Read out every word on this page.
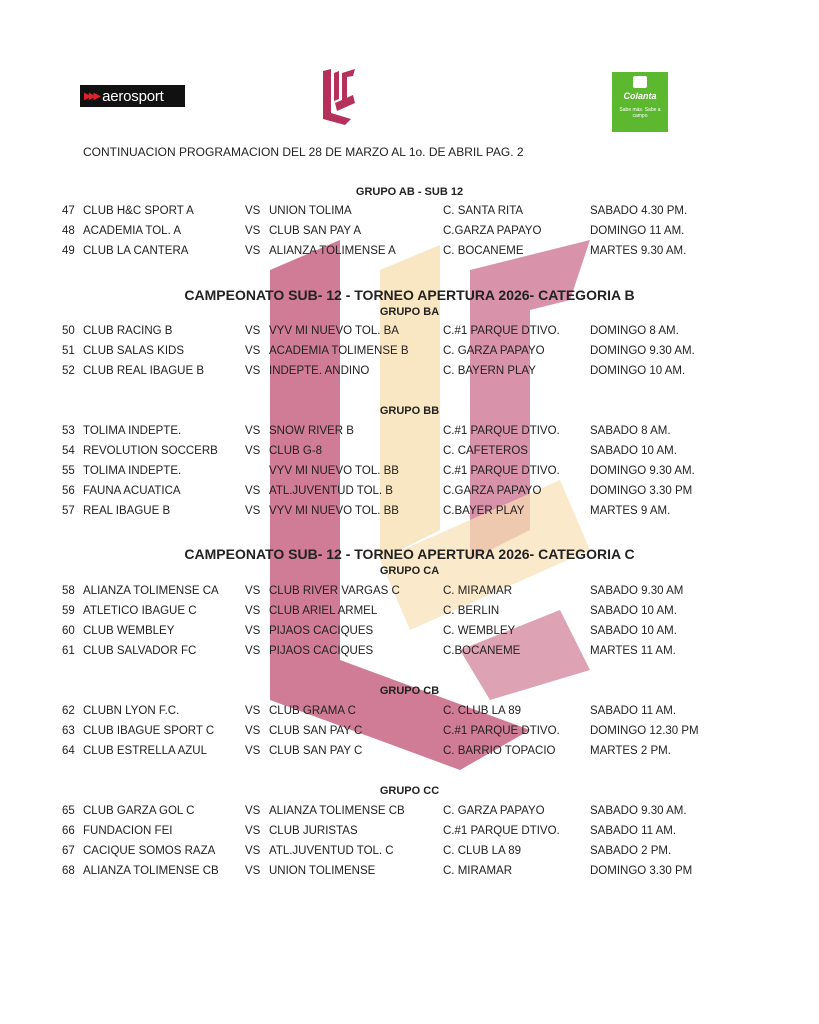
▶▶▶ aerosport	Colanta
Sabe más. Sabe a campo
CONTINUACION PROGRAMACION DEL 28 DE MARZO AL 1o. DE ABRIL PAG. 2
GRUPO AB - SUB 12
47 CLUB H&C SPORT A	VS UNION TOLIMA	C. SANTA RITA	SABADO 4.30 PM.
48 ACADEMIA TOL. A	VS CLUB SAN PAY A	C.GARZA PAPAYO	DOMINGO 11 AM.
49 CLUB LA CANTERA	VS ALIANZA TOLIMENSE A	C. BOCANEME	MARTES 9.30 AM.
CAMPEONATO SUB- 12 - TORNEO APERTURA 2026- CATEGORIA B
GRUPO BA
50 CLUB RACING B	VS VYV MI NUEVO TOL. BA	C.#1 PARQUE DTIVO.	DOMINGO 8 AM.
51 CLUB SALAS KIDS	VS ACADEMIA TOLIMENSE B	C. GARZA PAPAYO	DOMINGO 9.30 AM.
52 CLUB REAL IBAGUE B	VS INDEPTE. ANDINO	C. BAYERN PLAY	DOMINGO 10 AM.
GRUPO BB
53 TOLIMA INDEPTE.	VS SNOW RIVER B	C.#1 PARQUE DTIVO.	SABADO 8 AM.
54 REVOLUTION SOCCERB VS CLUB G-8	C. CAFETEROS	SABADO 10 AM.
55 TOLIMA INDEPTE.	VYV MI NUEVO TOL. BB	C.#1 PARQUE DTIVO.	DOMINGO 9.30 AM.
56 FAUNA ACUATICA	VS ATL.JUVENTUD TOL. B	C.GARZA PAPAYO	DOMINGO 3.30 PM
57 REAL IBAGUE B	VS VYV MI NUEVO TOL. BB	C.BAYER PLAY	MARTES 9 AM.
CAMPEONATO SUB- 12 - TORNEO APERTURA 2026- CATEGORIA C
GRUPO CA
58 ALIANZA TOLIMENSE CA VS CLUB RIVER VARGAS C	C. MIRAMAR	SABADO 9.30 AM
59 ATLETICO IBAGUE C	VS CLUB ARIEL ARMEL	C. BERLIN	SABADO 10 AM.
60 CLUB WEMBLEY	VS PIJAOS CACIQUES	C. WEMBLEY	SABADO 10 AM.
61 CLUB SALVADOR FC	VS PIJAOS CACIQUES	C.BOCANEME	MARTES 11 AM.
GRUPO CB
62 CLUBN LYON F.C.	VS CLUB GRAMA C	C. CLUB LA 89	SABADO 11 AM.
63 CLUB IBAGUE SPORT C	VS CLUB SAN PAY C	C.#1 PARQUE DTIVO.	DOMINGO 12.30 PM
64 CLUB ESTRELLA AZUL	VS CLUB SAN PAY C	C. BARRIO TOPACIO	MARTES 2 PM.
GRUPO CC
65 CLUB GARZA GOL C	VS ALIANZA TOLIMENSE CB	C. GARZA PAPAYO	SABADO 9.30 AM.
66 FUNDACION FEI	VS CLUB JURISTAS	C.#1 PARQUE DTIVO.	SABADO 11 AM.
67 CACIQUE SOMOS RAZA	VS ATL.JUVENTUD TOL. C	C. CLUB LA 89	SABADO 2 PM.
68 ALIANZA TOLIMENSE CB VS UNION TOLIMENSE	C. MIRAMAR	DOMINGO 3.30 PM
